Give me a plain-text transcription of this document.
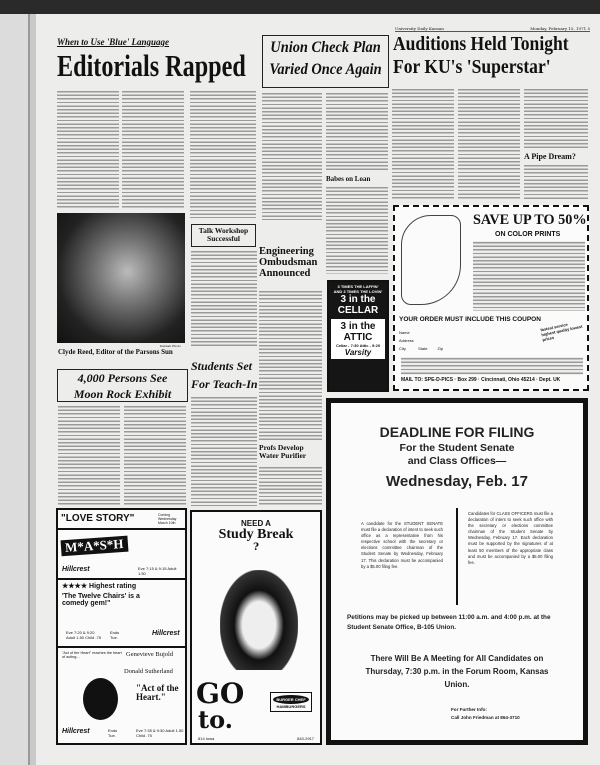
University Daily Kansan	Monday, February 15, 1971 5
When to Use 'Blue' Language
Editorials Rapped
Kansan Photo
Clyde Reed, Editor of the Parsons Sun
Union Check Plan
Varied Once Again
Auditions Held Tonight
For KU's 'Superstar'
A Pipe Dream?
Babes on Loan
3 TIMES THE LAFFIN'
AND 3 TIMES THE LOVIN'
3 in the CELLAR
3 in the ATTIC
Cellar - 7:30 Attic - 9:20
Varsity
SAVE UP TO 50%
ON COLOR PRINTS
YOUR ORDER MUST INCLUDE THIS COUPON
Name
Address
City	State	Zip
fastest service highest quality lowest prices
MAIL TO: SPE-D-PICS · Box 299 · Cincinnati, Ohio 45214 · Dept. UK
Talk Workshop Successful
Engineering Ombudsman Announced
Students Set
For Teach-In
Profs Develop Water Purifier
4,000 Persons See
Moon Rock Exhibit
"LOVE STORY"	Coming Wednesday March 10th
M*A*S*H
Hillcrest	Eve 7:15 & 9:15 Adult 1.50
★★★★ Highest rating
'The Twelve Chairs' is a comedy gem!"
Eve 7:20 & 9:20 Adult 1.50 Child .75
Ends Tue.
Hillcrest
"Act of the Heart" reaches the heart of acting...	Genevieve Bujold
Donald Sutherland
"Act of the Heart."
Hillcrest	Ends Tue.
Eve 7:35 & 9:30 Adult 1.50 Child .75
NEED A
Study Break
?
GO
to.
BURGER CHEF
HAMBURGERS
814 Iowa	843-2917
DEADLINE FOR FILING
For the Student Senate
and Class Offices—
Wednesday, Feb. 17
A candidate for the STUDENT SENATE must file a declaration of intent to seek such office as a representative from his respective school with the secretary or elections committee chairman of the Student Senate by Wednesday, February 17. This declaration must be accompanied by a $5.00 filing fee.
Candidates for CLASS OFFICERS must file a declaration of intent to seek such office with the secretary or elections committee chairman of the Student Senate by Wednesday, February 17. Each declaration must be supported by the signatures of at least 50 members of the appropriate class and must be accompanied by a $5.00 filing fee.
Petitions may be picked up between 11:00 a.m. and 4:00 p.m. at the Student Senate Office, B-105 Union.
There Will Be A Meeting for All Candidates on Thursday, 7:30 p.m. in the Forum Room, Kansas Union.
For Further Info:
Call John Friedman at 864-3710
